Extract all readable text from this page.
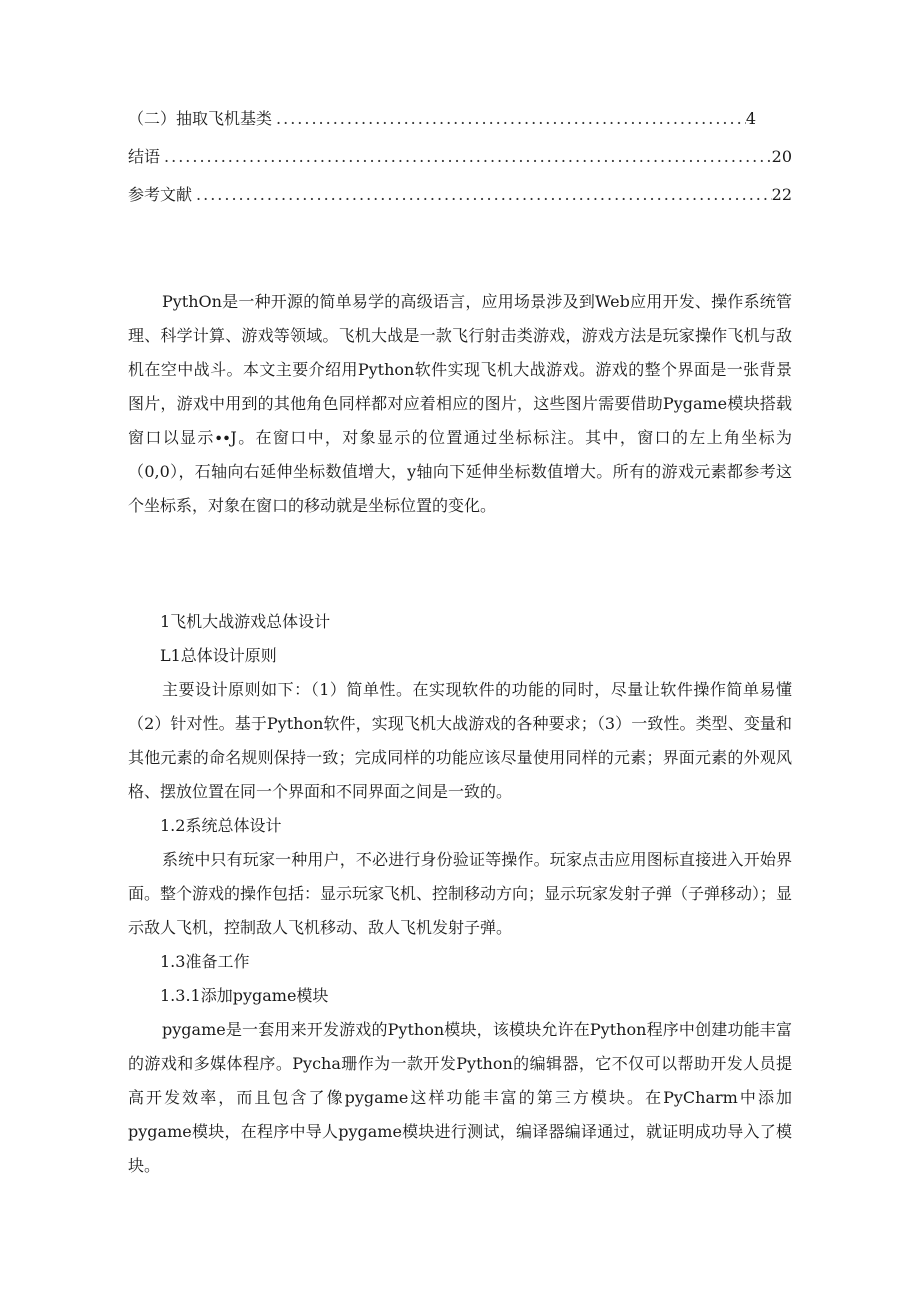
（二）抽取飞机基类 .....	4
结语 .....	20
参考文献 .....	22

PythOn是一种开源的简单易学的高级语言，应用场景涉及到Web应用开发、操作系统管理、科学计算、游戏等领域。飞机大战是一款飞行射击类游戏，游戏方法是玩家操作飞机与敌机在空中战斗。本文主要介绍用Python软件实现飞机大战游戏。游戏的整个界面是一张背景图片，游戏中用到的其他角色同样都对应着相应的图片，这些图片需要借助Pygame模块搭载窗口以显示∙∙J。在窗口中，对象显示的位置通过坐标标注。其中，窗口的左上角坐标为（0,0），石轴向右延伸坐标数值增大，y轴向下延伸坐标数值增大。所有的游戏元素都参考这个坐标系，对象在窗口的移动就是坐标位置的变化。

1飞机大战游戏总体设计
L1总体设计原则

主要设计原则如下：（1）简单性。在实现软件的功能的同时，尽量让软件操作简单易懂（2）针对性。基于Python软件，实现飞机大战游戏的各种要求；（3）一致性。类型、变量和其他元素的命名规则保持一致；完成同样的功能应该尽量使用同样的元素；界面元素的外观风格、摆放位置在同一个界面和不同界面之间是一致的。

1.2系统总体设计

系统中只有玩家一种用户，不必进行身份验证等操作。玩家点击应用图标直接进入开始界面。整个游戏的操作包括：显示玩家飞机、控制移动方向；显示玩家发射子弹（子弹移动）；显示敌人飞机，控制敌人飞机移动、敌人飞机发射子弹。

1.3准备工作
1.3.1添加pygame模块

pygame是一套用来开发游戏的Python模块，该模块允许在Python程序中创建功能丰富的游戏和多媒体程序。Pycha珊作为一款开发Python的编辑器，它不仅可以帮助开发人员提高开发效率，而且包含了像pygame这样功能丰富的第三方模块。在PyCharm中添加pygame模块，在程序中导人pygame模块进行测试，编译器编译通过，就证明成功导入了模块。
